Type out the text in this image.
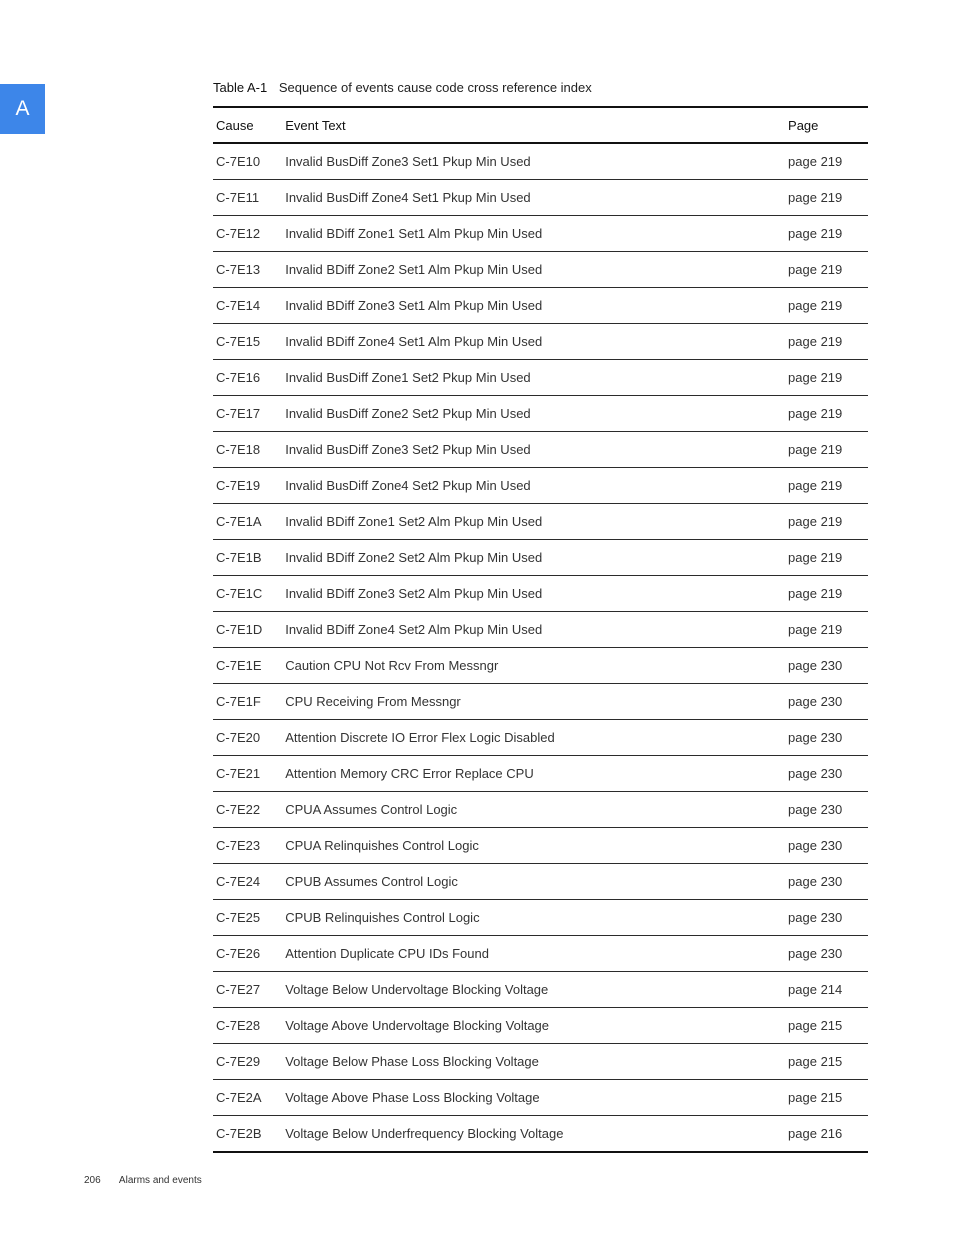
A
Table A-1 Sequence of events cause code cross reference index
Cause	Event Text	Page
C-7E10	Invalid BusDiff Zone3 Set1 Pkup Min Used	page 219
C-7E11	Invalid BusDiff Zone4 Set1 Pkup Min Used	page 219
C-7E12	Invalid BDiff Zone1 Set1 Alm Pkup Min Used	page 219
C-7E13	Invalid BDiff Zone2 Set1 Alm Pkup Min Used	page 219
C-7E14	Invalid BDiff Zone3 Set1 Alm Pkup Min Used	page 219
C-7E15	Invalid BDiff Zone4 Set1 Alm Pkup Min Used	page 219
C-7E16	Invalid BusDiff Zone1 Set2 Pkup Min Used	page 219
C-7E17	Invalid BusDiff Zone2 Set2 Pkup Min Used	page 219
C-7E18	Invalid BusDiff Zone3 Set2 Pkup Min Used	page 219
C-7E19	Invalid BusDiff Zone4 Set2 Pkup Min Used	page 219
C-7E1A	Invalid BDiff Zone1 Set2 Alm Pkup Min Used	page 219
C-7E1B	Invalid BDiff Zone2 Set2 Alm Pkup Min Used	page 219
C-7E1C	Invalid BDiff Zone3 Set2 Alm Pkup Min Used	page 219
C-7E1D	Invalid BDiff Zone4 Set2 Alm Pkup Min Used	page 219
C-7E1E	Caution CPU Not Rcv From Messngr	page 230
C-7E1F	CPU Receiving From Messngr	page 230
C-7E20	Attention Discrete IO Error Flex Logic Disabled	page 230
C-7E21	Attention Memory CRC Error Replace CPU	page 230
C-7E22	CPUA Assumes Control Logic	page 230
C-7E23	CPUA Relinquishes Control Logic	page 230
C-7E24	CPUB Assumes Control Logic	page 230
C-7E25	CPUB Relinquishes Control Logic	page 230
C-7E26	Attention Duplicate CPU IDs Found	page 230
C-7E27	Voltage Below Undervoltage Blocking Voltage	page 214
C-7E28	Voltage Above Undervoltage Blocking Voltage	page 215
C-7E29	Voltage Below Phase Loss Blocking Voltage	page 215
C-7E2A	Voltage Above Phase Loss Blocking Voltage	page 215
C-7E2B	Voltage Below Underfrequency Blocking Voltage	page 216
206 Alarms and events
